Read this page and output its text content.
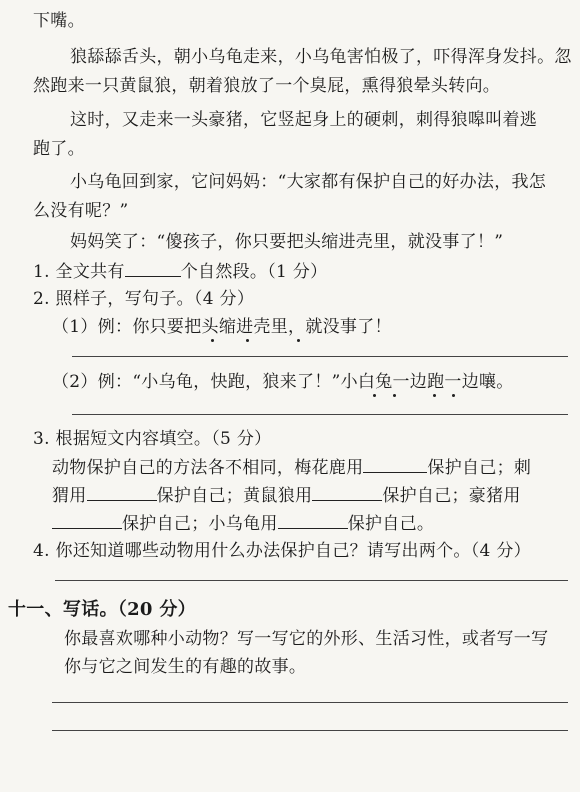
下嘴。
狼舔舔舌头，朝小乌龟走来，小乌龟害怕极了，吓得浑身发抖。忽
然跑来一只黄鼠狼，朝着狼放了一个臭屁，熏得狼晕头转向。
这时，又走来一头豪猪，它竖起身上的硬刺，刺得狼嗥叫着逃
跑了。
小乌龟回到家，它问妈妈：“大家都有保护自己的好办法，我怎
么没有呢？”
妈妈笑了：“傻孩子，你只要把头缩进壳里，就没事了！”
1. 全文共有	个自然段。（1 分）
2. 照样子，写句子。（4 分）
（1）例：你只要把头缩进壳里，就没事了！
（2）例：“小乌龟，快跑，狼来了！”小白兔一边跑一边嚷。
3. 根据短文内容填空。（5 分）
动物保护自己的方法各不相同，梅花鹿用	保护自己；刺
猬用	保护自己；黄鼠狼用	保护自己；豪猪用
保护自己；小乌龟用	保护自己。
4. 你还知道哪些动物用什么办法保护自己？请写出两个。（4 分）
十一、写话。（20 分）
你最喜欢哪种小动物？写一写它的外形、生活习性，或者写一写
你与它之间发生的有趣的故事。
